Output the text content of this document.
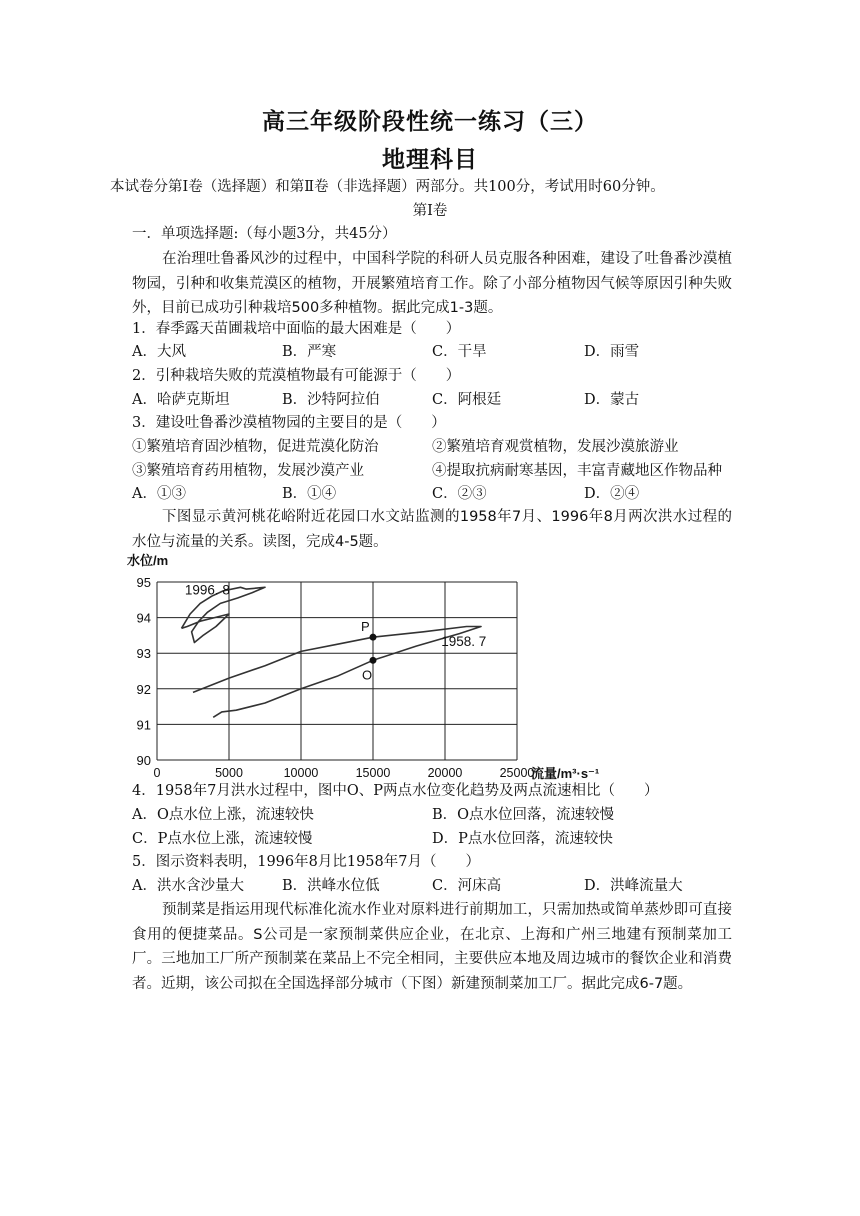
高三年级阶段性统一练习（三）
地理科目
本试卷分第Ⅰ卷（选择题）和第Ⅱ卷（非选择题）两部分。共100分，考试用时60分钟。
第Ⅰ卷
一．单项选择题:（每小题3分，共45分）
在治理吐鲁番风沙的过程中，中国科学院的科研人员克服各种困难，建设了吐鲁番沙漠植物园，引种和收集荒漠区的植物，开展繁殖培育工作。除了小部分植物因气候等原因引种失败外，目前已成功引种栽培500多种植物。据此完成1-3题。
1．春季露天苗圃栽培中面临的最大困难是（　　）
A．大风	B．严寒	C．干旱	D．雨雪
2．引种栽培失败的荒漠植物最有可能源于（　　）
A．哈萨克斯坦	B．沙特阿拉伯	C．阿根廷	D．蒙古
3．建设吐鲁番沙漠植物园的主要目的是（　　）
①繁殖培育固沙植物，促进荒漠化防治	②繁殖培育观赏植物，发展沙漠旅游业
③繁殖培育药用植物，发展沙漠产业	④提取抗病耐寒基因，丰富青藏地区作物品种
A．①③	B．①④	C．②③	D．②④
下图显示黄河桃花峪附近花园口水文站监测的1958年7月、1996年8月两次洪水过程的水位与流量的关系。读图，完成4-5题。
0	5000	10000	15000	20000	25000
90
91
92
93
94
95
水位/m
流量/m³·s⁻¹
1996. 8
1958. 7
P
O
4．1958年7月洪水过程中，图中O、P两点水位变化趋势及两点流速相比（　　）
A．O点水位上涨，流速较快	B．O点水位回落，流速较慢
C．P点水位上涨，流速较慢	D．P点水位回落，流速较快
5．图示资料表明，1996年8月比1958年7月（　　）
A．洪水含沙量大	B．洪峰水位低	C．河床高	D．洪峰流量大
预制菜是指运用现代标准化流水作业对原料进行前期加工，只需加热或简单蒸炒即可直接食用的便捷菜品。S公司是一家预制菜供应企业，在北京、上海和广州三地建有预制菜加工厂。三地加工厂所产预制菜在菜品上不完全相同，主要供应本地及周边城市的餐饮企业和消费者。近期，该公司拟在全国选择部分城市（下图）新建预制菜加工厂。据此完成6-7题。
